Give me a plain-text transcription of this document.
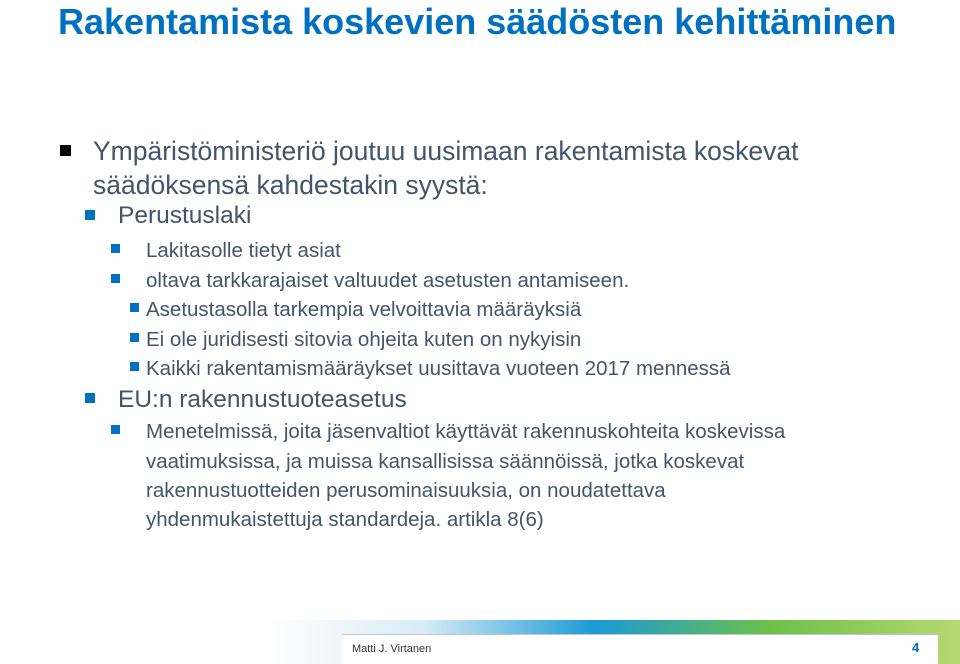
Rakentamista koskevien säädösten kehittäminen
Ympäristöministeriö joutuu uusimaan rakentamista koskevat
säädöksensä kahdestakin syystä:
Perustuslaki
Lakitasolle tietyt asiat
oltava tarkkarajaiset valtuudet asetusten antamiseen.
Asetustasolla tarkempia velvoittavia määräyksiä
Ei ole juridisesti sitovia ohjeita kuten on nykyisin
Kaikki rakentamismääräykset uusittava vuoteen 2017 mennessä
EU:n rakennustuoteasetus
Menetelmissä, joita jäsenvaltiot käyttävät rakennuskohteita koskevissa
vaatimuksissa, ja muissa kansallisissa säännöissä, jotka koskevat
rakennustuotteiden perusominaisuuksia, on noudatettava
yhdenmukaistettuja standardeja. artikla 8(6)
Matti J. Virtanen	4
